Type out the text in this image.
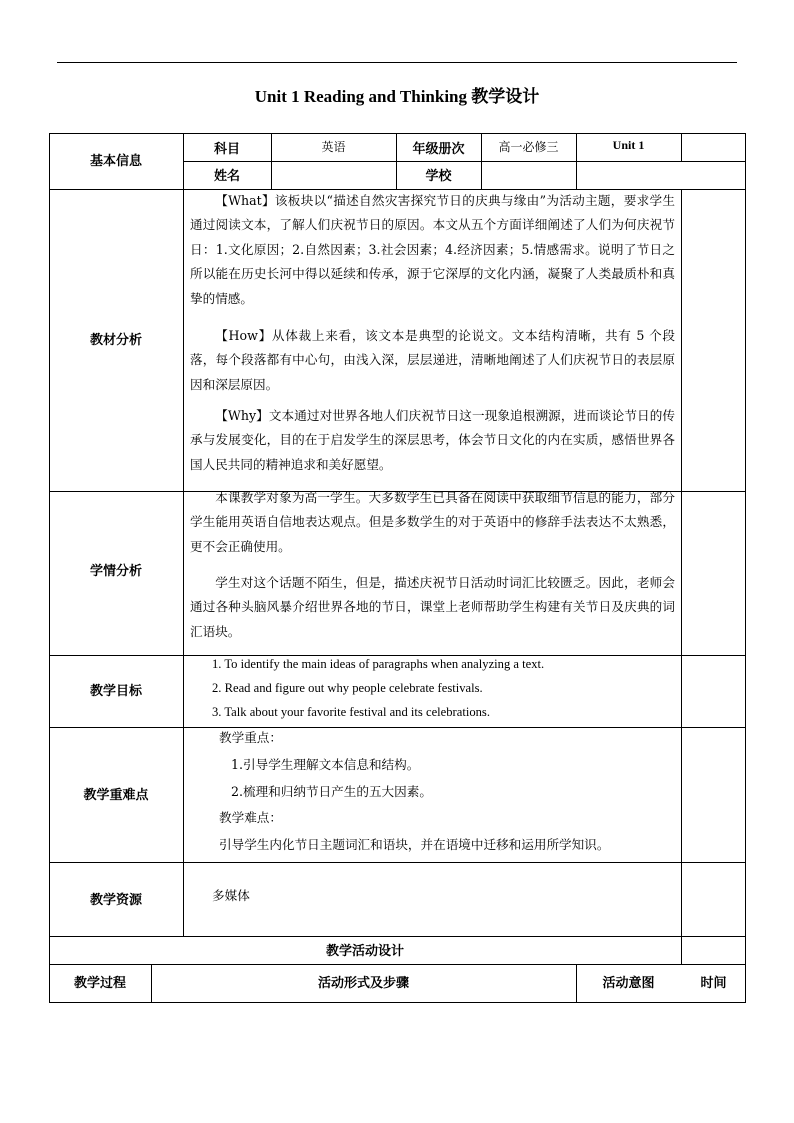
Unit 1 Reading and Thinking 教学设计
基本信息
科目	英语	年级册次	高一必修三	Unit 1
姓名	学校
教材分析

【What】该板块以“描述自然灾害探究节日的庆典与缘由”为活动主题，要求学生通过阅读文本，了解人们庆祝节日的原因。本文从五个方面详细阐述了人们为何庆祝节日：1.文化原因；2.自然因素；3.社会因素；4.经济因素；5.情感需求。说明了节日之所以能在历史长河中得以延续和传承，源于它深厚的文化内涵，凝聚了人类最质朴和真挚的情感。

【How】从体裁上来看，该文本是典型的论说文。文本结构清晰，共有 5 个段落，每个段落都有中心句，由浅入深，层层递进，清晰地阐述了人们庆祝节日的表层原因和深层原因。

【Why】文本通过对世界各地人们庆祝节日这一现象追根溯源，进而谈论节日的传承与发展变化，目的在于启发学生的深层思考，体会节日文化的内在实质，感悟世界各国人民共同的精神追求和美好愿望。

学情分析

本课教学对象为高一学生。大多数学生已具备在阅读中获取细节信息的能力，部分学生能用英语自信地表达观点。但是多数学生的对于英语中的修辞手法表达不太熟悉，更不会正确使用。

学生对这个话题不陌生，但是，描述庆祝节日活动时词汇比较匮乏。因此，老师会通过各种头脑风暴介绍世界各地的节日，课堂上老师帮助学生构建有关节日及庆典的词汇语块。

教学目标
1. To identify the main ideas of paragraphs when analyzing a text.
2. Read and figure out why people celebrate festivals.
3. Talk about your favorite festival and its celebrations.
教学重难点
教学重点：
1.引导学生理解文本信息和结构。
2.梳理和归纳节日产生的五大因素。
教学难点：
引导学生内化节日主题词汇和语块，并在语境中迁移和运用所学知识。
教学资源	多媒体
教学活动设计
教学过程	活动形式及步骤	活动意图	时间
